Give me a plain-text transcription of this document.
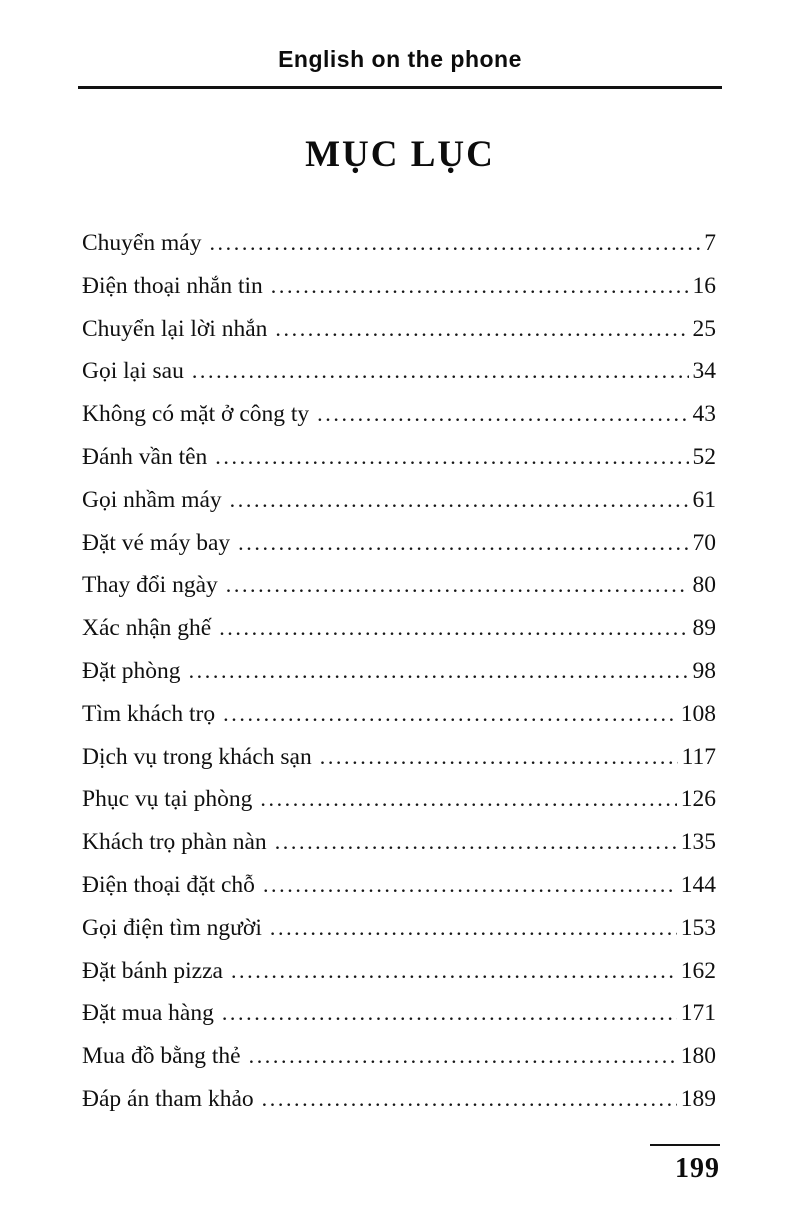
English on the phone
MỤC LỤC
Chuyển máy .....	7
Điện thoại nhắn tin .....	16
Chuyển lại lời nhắn .....	25
Gọi lại sau .....	34
Không có mặt ở công ty .....	43
Đánh vần tên .....	52
Gọi nhầm máy .....	61
Đặt vé máy bay .....	70
Thay đổi ngày .....	80
Xác nhận ghế .....	89
Đặt phòng .....	98
Tìm khách trọ .....	108
Dịch vụ trong khách sạn .....	117
Phục vụ tại phòng .....	126
Khách trọ phàn nàn .....	135
Điện thoại đặt chỗ .....	144
Gọi điện tìm người .....	153
Đặt bánh pizza .....	162
Đặt mua hàng .....	171
Mua đồ bằng thẻ .....	180
Đáp án tham khảo .....	189
199
